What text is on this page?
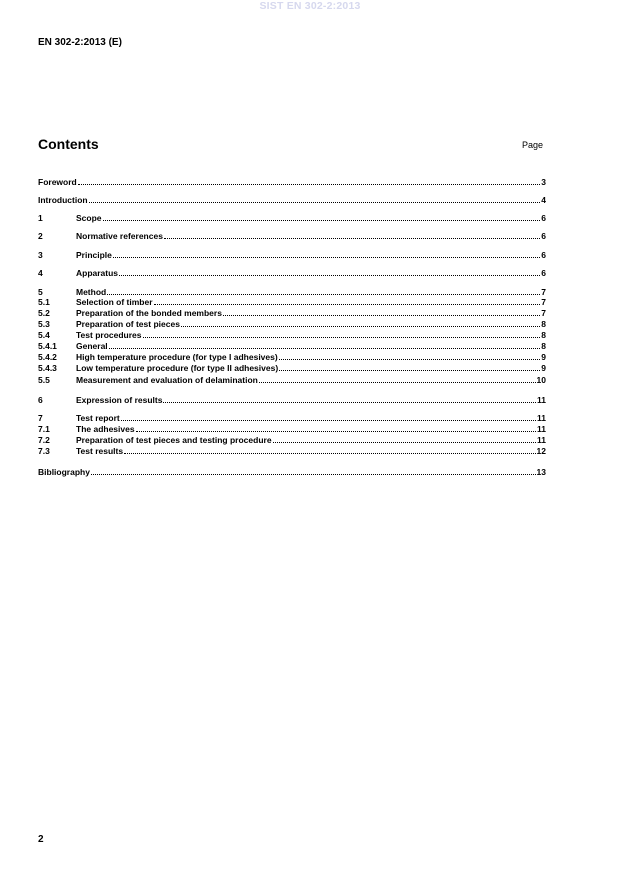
SIST EN 302-2:2013
EN 302-2:2013 (E)
Contents	Page
Foreword	3
Introduction	4
1	Scope	6
2	Normative references	6
3	Principle	6
4	Apparatus	6
5	Method	7
5.1	Selection of timber	7
5.2	Preparation of the bonded members	7
5.3	Preparation of test pieces	8
5.4	Test procedures	8
5.4.1	General	8
5.4.2	High temperature procedure (for type I adhesives)	9
5.4.3	Low temperature procedure (for type II adhesives)	9
5.5	Measurement and evaluation of delamination	10
6	Expression of results	11
7	Test report	11
7.1	The adhesives	11
7.2	Preparation of test pieces and testing procedure	11
7.3	Test results	12
Bibliography	13
2
